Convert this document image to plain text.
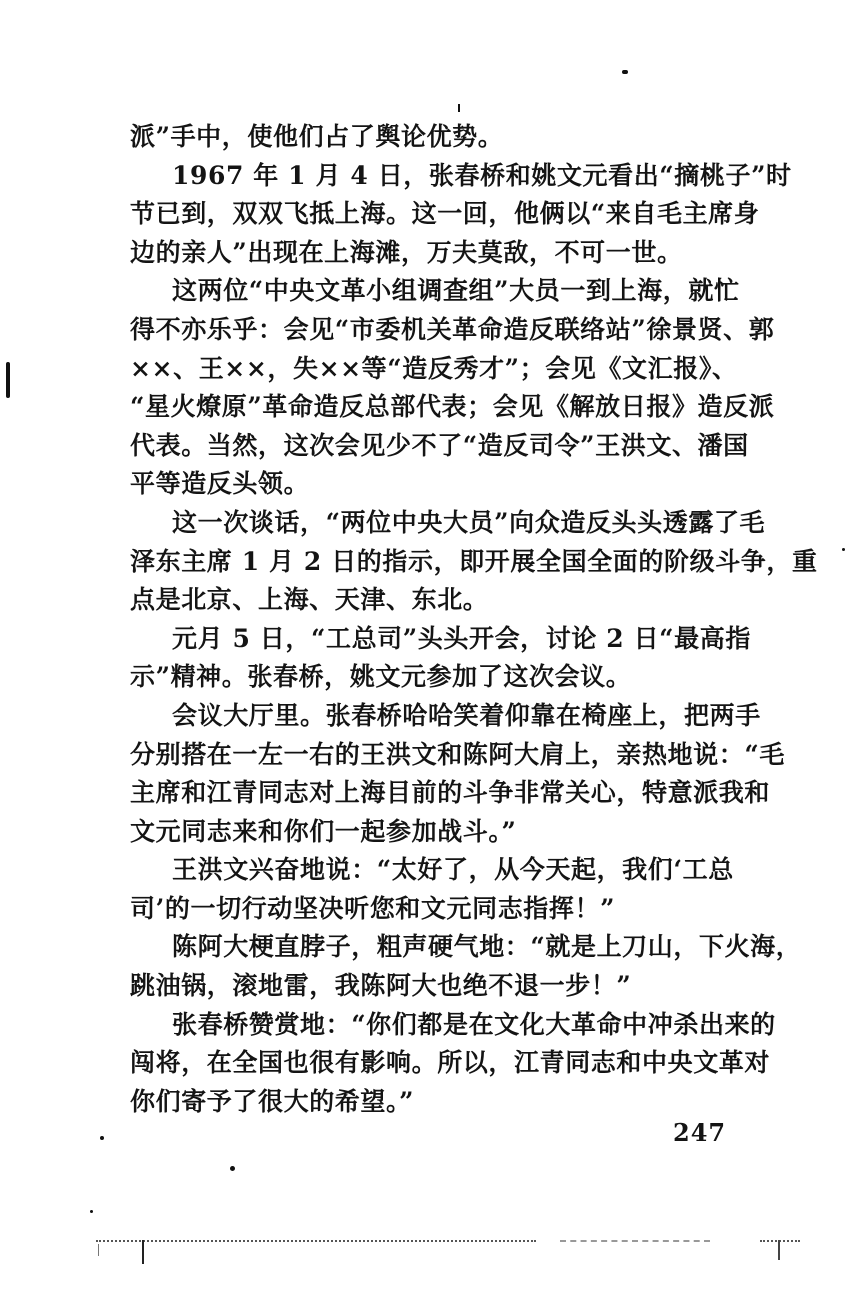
派”手中，使他们占了舆论优势。
1967 年 1 月 4 日，张春桥和姚文元看出“摘桃子”时
节已到，双双飞抵上海。这一回，他俩以“来自毛主席身
边的亲人”出现在上海滩，万夫莫敌，不可一世。
这两位“中央文革小组调查组”大员一到上海，就忙
得不亦乐乎：会见“市委机关革命造反联络站”徐景贤、郭
××、王××，失××等“造反秀才”；会见《文汇报》、
“星火燎原”革命造反总部代表；会见《解放日报》造反派
代表。当然，这次会见少不了“造反司令”王洪文、潘国
平等造反头领。
这一次谈话，“两位中央大员”向众造反头头透露了毛
泽东主席 1 月 2 日的指示，即开展全国全面的阶级斗争，重
点是北京、上海、天津、东北。
元月 5 日，“工总司”头头开会，讨论 2 日“最高指
示”精神。张春桥，姚文元参加了这次会议。
会议大厅里。张春桥哈哈笑着仰靠在椅座上，把两手
分别搭在一左一右的王洪文和陈阿大肩上，亲热地说：“毛
主席和江青同志对上海目前的斗争非常关心，特意派我和
文元同志来和你们一起参加战斗。”
王洪文兴奋地说：“太好了，从今天起，我们‘工总
司’的一切行动坚决听您和文元同志指挥！”
陈阿大梗直脖子，粗声硬气地：“就是上刀山，下火海，
跳油锅，滚地雷，我陈阿大也绝不退一步！”
张春桥赞赏地：“你们都是在文化大革命中冲杀出来的
闯将，在全国也很有影响。所以，江青同志和中央文革对
你们寄予了很大的希望。”
247
